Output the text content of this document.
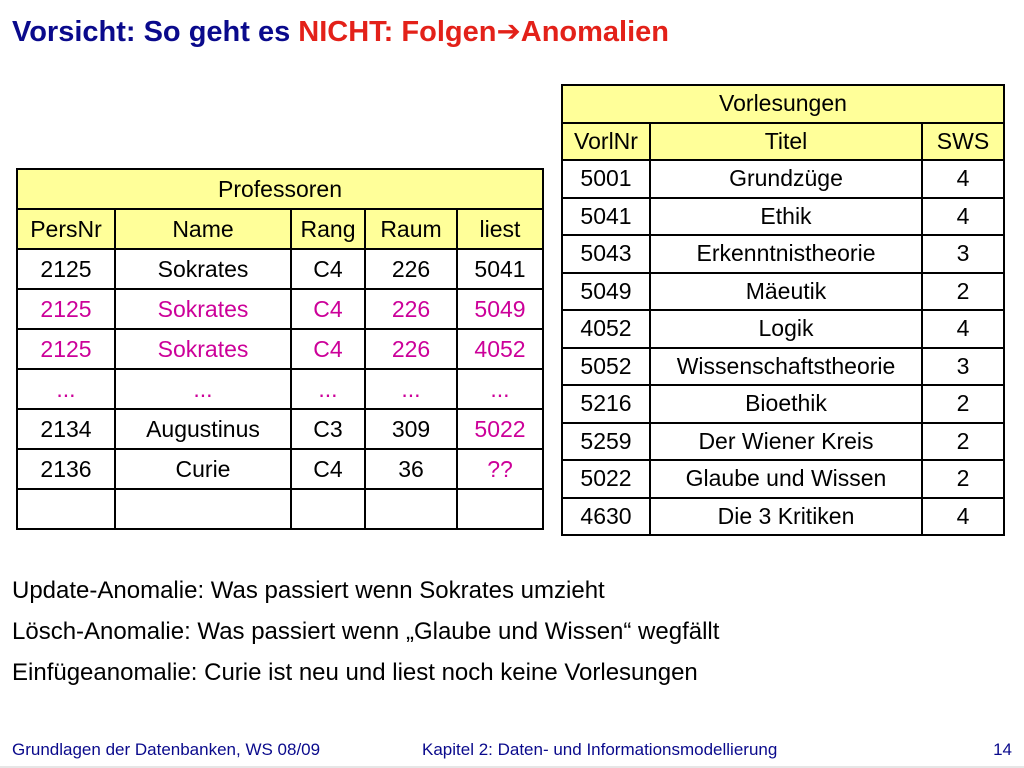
Vorsicht: So geht es NICHT: Folgen➔Anomalien
Professoren				
PersNr	Name	Rang	Raum	liest
2125	Sokrates	C4	226	5041
2125	Sokrates	C4	226	5049
2125	Sokrates	C4	226	4052
...	...	...	...	...
2134	Augustinus	C3	309	5022
2136	Curie	C4	36	??

Vorlesungen		
VorlNr	Titel	SWS
5001	Grundzüge	4
5041	Ethik	4
5043	Erkenntnistheorie	3
5049	Mäeutik	2
4052	Logik	4
5052	Wissenschaftstheorie	3
5216	Bioethik	2
5259	Der Wiener Kreis	2
5022	Glaube und Wissen	2
4630	Die 3 Kritiken	4
Update-Anomalie: Was passiert wenn Sokrates umzieht
Lösch-Anomalie: Was passiert wenn „Glaube und Wissen“ wegfällt
Einfügeanomalie: Curie ist neu und liest noch keine Vorlesungen
Grundlagen der Datenbanken, WS 08/09	Kapitel 2: Daten- und Informationsmodellierung	14
